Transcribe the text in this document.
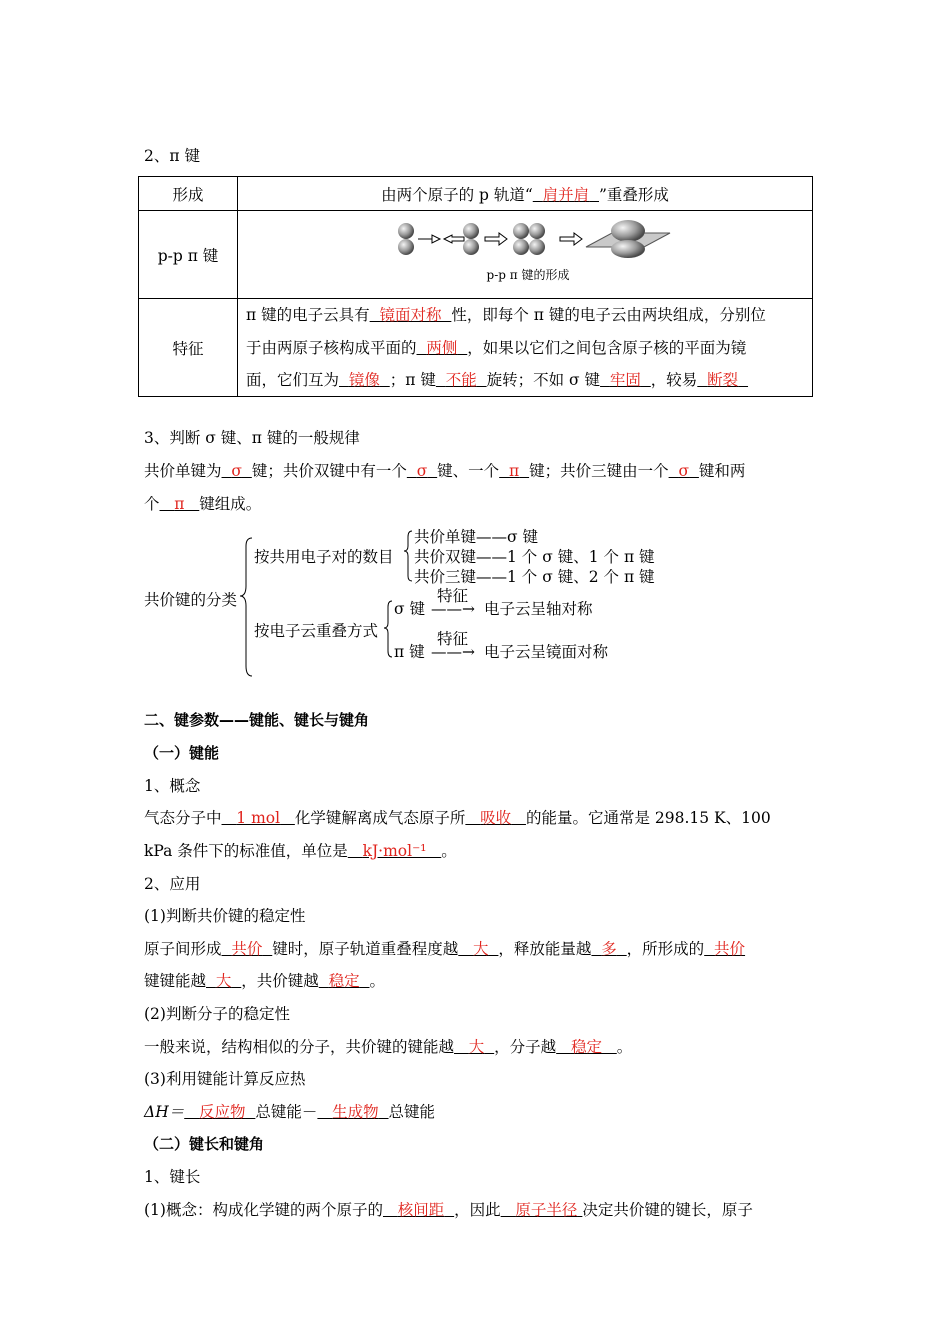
2、π 键
形成	由两个原子的 p 轨道“ 肩并肩 ”重叠形成
p-p π 键	p-p π 键的形成

特征	π 键的电子云具有 镜面对称 性，即每个 π 键的电子云由两块组成，分别位
于由两原子核构成平面的 两侧 ，如果以它们之间包含原子核的平面为镜
面，它们互为 镜像 ；π 键 不能 旋转；不如 σ 键 牢固 ，较易 断裂
3、判断 σ 键、π 键的一般规律
共价单键为 σ 键；共价双键中有一个 σ 键、一个 π 键；共价三键由一个 σ 键和两
个 π 键组成。
共价键的分类
按共用电子对的数目
共价单键——σ 键
共价双键——1 个 σ 键、1 个 π 键
共价三键——1 个 σ 键、2 个 π 键
按电子云重叠方式
σ 键
特征
——→ 电子云呈轴对称
π 键
特征
——→ 电子云呈镜面对称
二、键参数——键能、键长与键角
（一）键能
1、概念
气态分子中 1 mol 化学键解离成气态原子所 吸收 的能量。它通常是 298.15 K、100
kPa 条件下的标准值，单位是 kJ·mol⁻¹ 。
2、应用
(1)判断共价键的稳定性
原子间形成 共价 键时，原子轨道重叠程度越 大 ，释放能量越 多 ，所形成的 共价
键键能越 大 ，共价键越 稳定 。
(2)判断分子的稳定性
一般来说，结构相似的分子，共价键的键能越 大 ，分子越 稳定 。
(3)利用键能计算反应热
ΔH＝ 反应物 总键能－ 生成物 总键能
（二）键长和键角
1、键长
(1)概念：构成化学键的两个原子的 核间距 ，因此 原子半径 决定共价键的键长，原子
